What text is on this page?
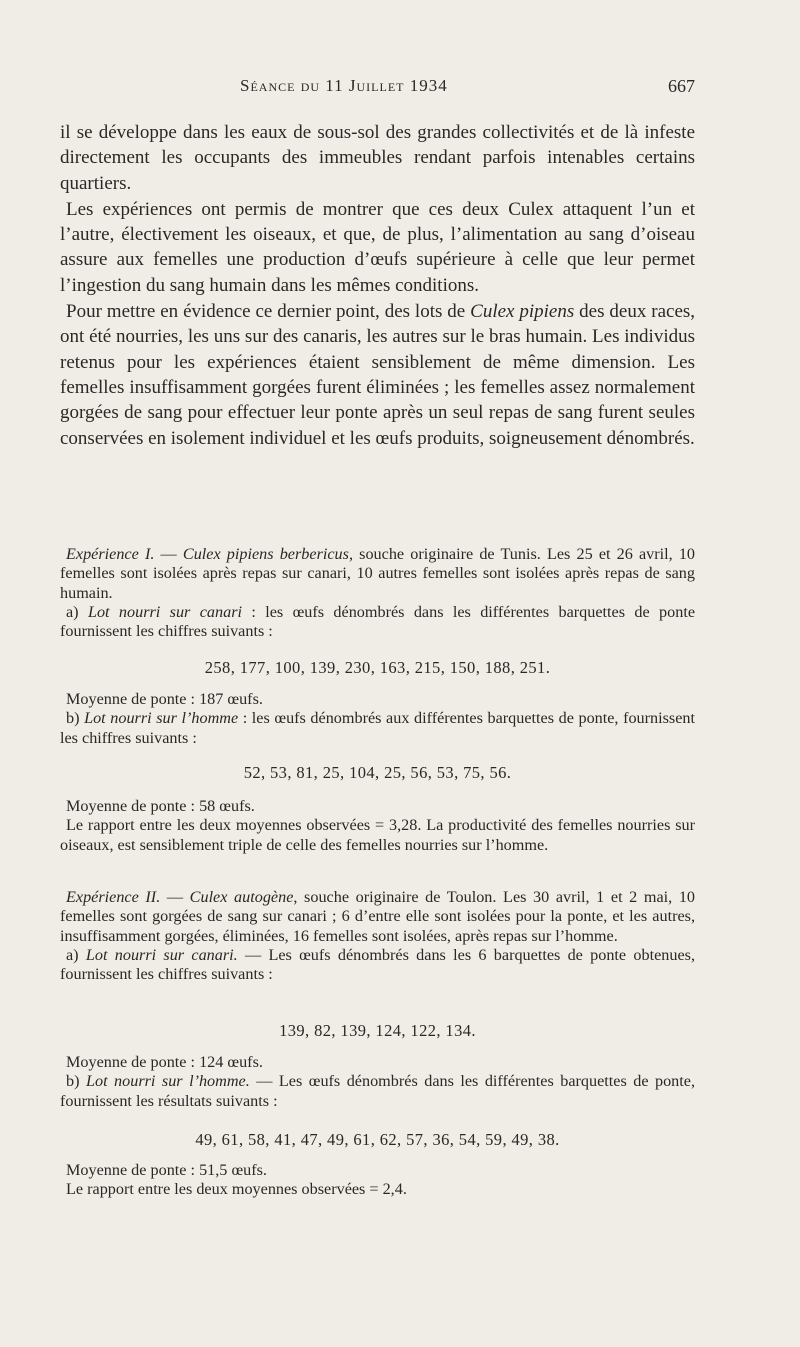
Séance du 11 Juillet 1934	667

il se développe dans les eaux de sous-sol des grandes collectivités et de là infeste directement les occupants des immeubles rendant parfois intenables certains quartiers.

Les expériences ont permis de montrer que ces deux Culex attaquent l’un et l’autre, électivement les oiseaux, et que, de plus, l’alimentation au sang d’oiseau assure aux femelles une production d’œufs supérieure à celle que leur permet l’ingestion du sang humain dans les mêmes conditions.

Pour mettre en évidence ce dernier point, des lots de Culex pipiens des deux races, ont été nourries, les uns sur des canaris, les autres sur le bras humain. Les individus retenus pour les expériences étaient sensiblement de même dimension. Les femelles insuffisamment gorgées furent éliminées ; les femelles assez normalement gorgées de sang pour effectuer leur ponte après un seul repas de sang furent seules conservées en isolement individuel et les œufs produits, soigneusement dénombrés.

Expérience I. — Culex pipiens berbericus, souche originaire de Tunis. Les 25 et 26 avril, 10 femelles sont isolées après repas sur canari, 10 autres femelles sont isolées après repas de sang humain.

a) Lot nourri sur canari : les œufs dénombrés dans les différentes barquettes de ponte fournissent les chiffres suivants :

258, 177, 100, 139, 230, 163, 215, 150, 188, 251.

Moyenne de ponte : 187 œufs.

b) Lot nourri sur l’homme : les œufs dénombrés aux différentes barquettes de ponte, fournissent les chiffres suivants :

52, 53, 81, 25, 104, 25, 56, 53, 75, 56.

Moyenne de ponte : 58 œufs.

Le rapport entre les deux moyennes observées = 3,28. La productivité des femelles nourries sur oiseaux, est sensiblement triple de celle des femelles nourries sur l’homme.

Expérience II. — Culex autogène, souche originaire de Toulon. Les 30 avril, 1 et 2 mai, 10 femelles sont gorgées de sang sur canari ; 6 d’entre elle sont isolées pour la ponte, et les autres, insuffisamment gorgées, éliminées, 16 femelles sont isolées, après repas sur l’homme.

a) Lot nourri sur canari. — Les œufs dénombrés dans les 6 barquettes de ponte obtenues, fournissent les chiffres suivants :

139, 82, 139, 124, 122, 134.

Moyenne de ponte : 124 œufs.

b) Lot nourri sur l’homme. — Les œufs dénombrés dans les différentes barquettes de ponte, fournissent les résultats suivants :

49, 61, 58, 41, 47, 49, 61, 62, 57, 36, 54, 59, 49, 38.

Moyenne de ponte : 51,5 œufs.

Le rapport entre les deux moyennes observées = 2,4.
